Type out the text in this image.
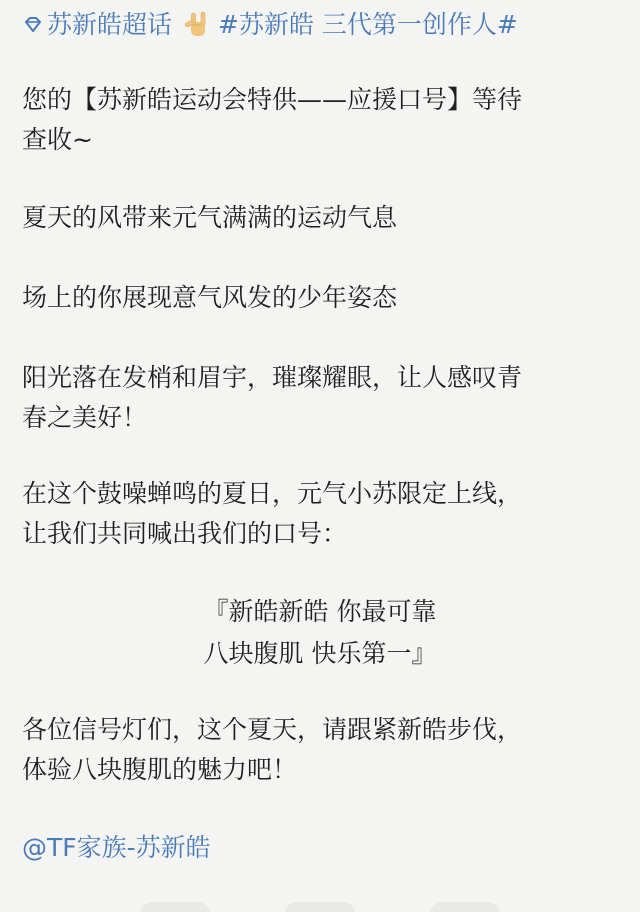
苏新皓超话 #苏新皓 三代第一创作人#
您的【苏新皓运动会特供——应援口号】等待
查收~
夏天的风带来元气满满的运动气息
场上的你展现意气风发的少年姿态
阳光落在发梢和眉宇，璀璨耀眼，让人感叹青
春之美好！
在这个鼓噪蝉鸣的夏日，元气小苏限定上线，
让我们共同喊出我们的口号：
『新皓新皓 你最可靠
八块腹肌 快乐第一』
各位信号灯们，这个夏天，请跟紧新皓步伐，
体验八块腹肌的魅力吧！
@TF家族-苏新皓
